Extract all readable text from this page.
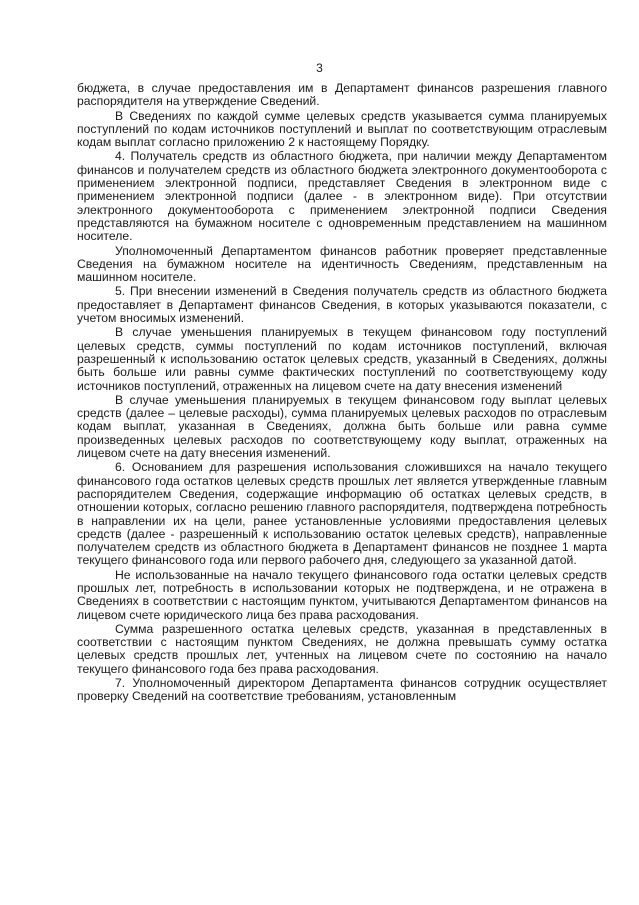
3

бюджета, в случае предоставления им в Департамент финансов разрешения главного распорядителя на утверждение Сведений.

В Сведениях по каждой сумме целевых средств указывается сумма планируемых поступлений по кодам источников поступлений и выплат по соответствующим отраслевым кодам выплат согласно приложению 2 к настоящему Порядку.

4. Получатель средств из областного бюджета, при наличии между Департаментом финансов и получателем средств из областного бюджета электронного документооборота с применением электронной подписи, представляет Сведения в электронном виде с применением электронной подписи (далее - в электронном виде). При отсутствии электронного документооборота с применением электронной подписи Сведения представляются на бумажном носителе с одновременным представлением на машинном носителе.

Уполномоченный Департаментом финансов работник проверяет представленные Сведения на бумажном носителе на идентичность Сведениям, представленным на машинном носителе.

5. При внесении изменений в Сведения получатель средств из областного бюджета предоставляет в Департамент финансов Сведения, в которых указываются показатели, с учетом вносимых изменений.

В случае уменьшения планируемых в текущем финансовом году поступлений целевых средств, суммы поступлений по кодам источников поступлений, включая разрешенный к использованию остаток целевых средств, указанный в Сведениях, должны быть больше или равны сумме фактических поступлений по соответствующему коду источников поступлений, отраженных на лицевом счете на дату внесения изменений

В случае уменьшения планируемых в текущем финансовом году выплат целевых средств (далее – целевые расходы), сумма планируемых целевых расходов по отраслевым кодам выплат, указанная в Сведениях, должна быть больше или равна сумме произведенных целевых расходов по соответствующему коду выплат, отраженных на лицевом счете на дату внесения изменений.

6. Основанием для разрешения использования сложившихся на начало текущего финансового года остатков целевых средств прошлых лет является утвержденные главным распорядителем Сведения, содержащие информацию об остатках целевых средств, в отношении которых, согласно решению главного распорядителя, подтверждена потребность в направлении их на цели, ранее установленные условиями предоставления целевых средств (далее - разрешенный к использованию остаток целевых средств), направленные получателем средств из областного бюджета в Департамент финансов не позднее 1 марта текущего финансового года или первого рабочего дня, следующего за указанной датой.

Не использованные на начало текущего финансового года остатки целевых средств прошлых лет, потребность в использовании которых не подтверждена, и не отражена в Сведениях в соответствии с настоящим пунктом, учитываются Департаментом финансов на лицевом счете юридического лица без права расходования.

Сумма разрешенного остатка целевых средств, указанная в представленных в соответствии с настоящим пунктом Сведениях, не должна превышать сумму остатка целевых средств прошлых лет, учтенных на лицевом счете по состоянию на начало текущего финансового года без права расходования.

7. Уполномоченный директором Департамента финансов сотрудник осуществляет проверку Сведений на соответствие требованиям, установленным
